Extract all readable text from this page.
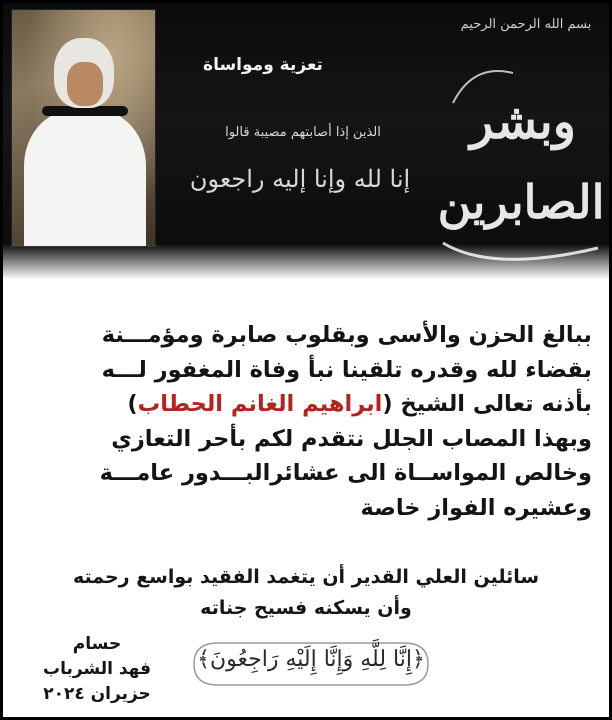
تعزية ومواساة
الذين إذا أصابتهم مصيبة قالوا
إنا لله وإنا إليه راجعون
بسم الله الرحمن الرحيم
وبشر
الصابرين
ببالغ الحزن والأسى وبقلوب صابرة ومؤمـــنة
بقضاء لله وقدره تلقينا نبأ وفاة المغفور لـــه
بأذنه تعالى الشيخ (ابراهيم الغانم الحطاب)
وبهذا المصاب الجلل نتقدم لكم بأحر التعازي
وخالص المواســاة الى عشائرالبـــدور عامـــة
وعشيره الفواز خاصة
سائلين العلي القدير أن يتغمد الفقيد بواسع رحمته
وأن يسكنه فسيح جناته
﴿إِنَّا لِلَّهِ وَإِنَّا إِلَيْهِ رَاجِعُونَ﴾
حسام
فهد الشرباب
حزيران ٢٠٢٤
